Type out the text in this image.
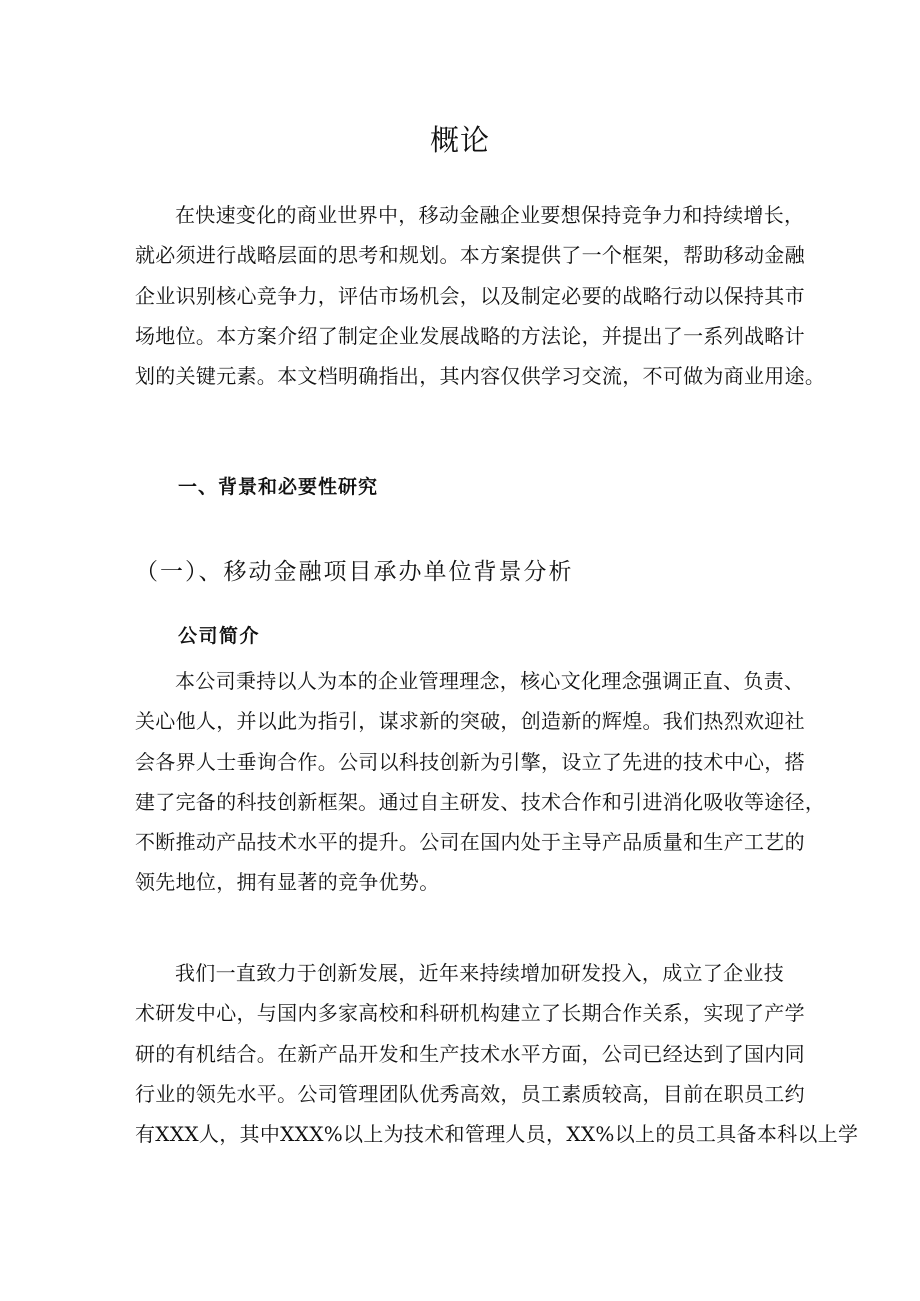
概论
在快速变化的商业世界中，移动金融企业要想保持竞争力和持续增长，
就必须进行战略层面的思考和规划。本方案提供了一个框架，帮助移动金融
企业识别核心竞争力，评估市场机会，以及制定必要的战略行动以保持其市
场地位。本方案介绍了制定企业发展战略的方法论，并提出了一系列战略计
划的关键元素。本文档明确指出，其内容仅供学习交流，不可做为商业用途。
一、背景和必要性研究
（一）、移动金融项目承办单位背景分析
公司简介
本公司秉持以人为本的企业管理理念，核心文化理念强调正直、负责、
关心他人，并以此为指引，谋求新的突破，创造新的辉煌。我们热烈欢迎社
会各界人士垂询合作。公司以科技创新为引擎，设立了先进的技术中心，搭
建了完备的科技创新框架。通过自主研发、技术合作和引进消化吸收等途径，
不断推动产品技术水平的提升。公司在国内处于主导产品质量和生产工艺的
领先地位，拥有显著的竞争优势。
我们一直致力于创新发展，近年来持续增加研发投入，成立了企业技
术研发中心，与国内多家高校和科研机构建立了长期合作关系，实现了产学
研的有机结合。在新产品开发和生产技术水平方面，公司已经达到了国内同
行业的领先水平。公司管理团队优秀高效，员工素质较高，目前在职员工约
有XXX人，其中XXX%以上为技术和管理人员，XX%以上的员工具备本科以上学
